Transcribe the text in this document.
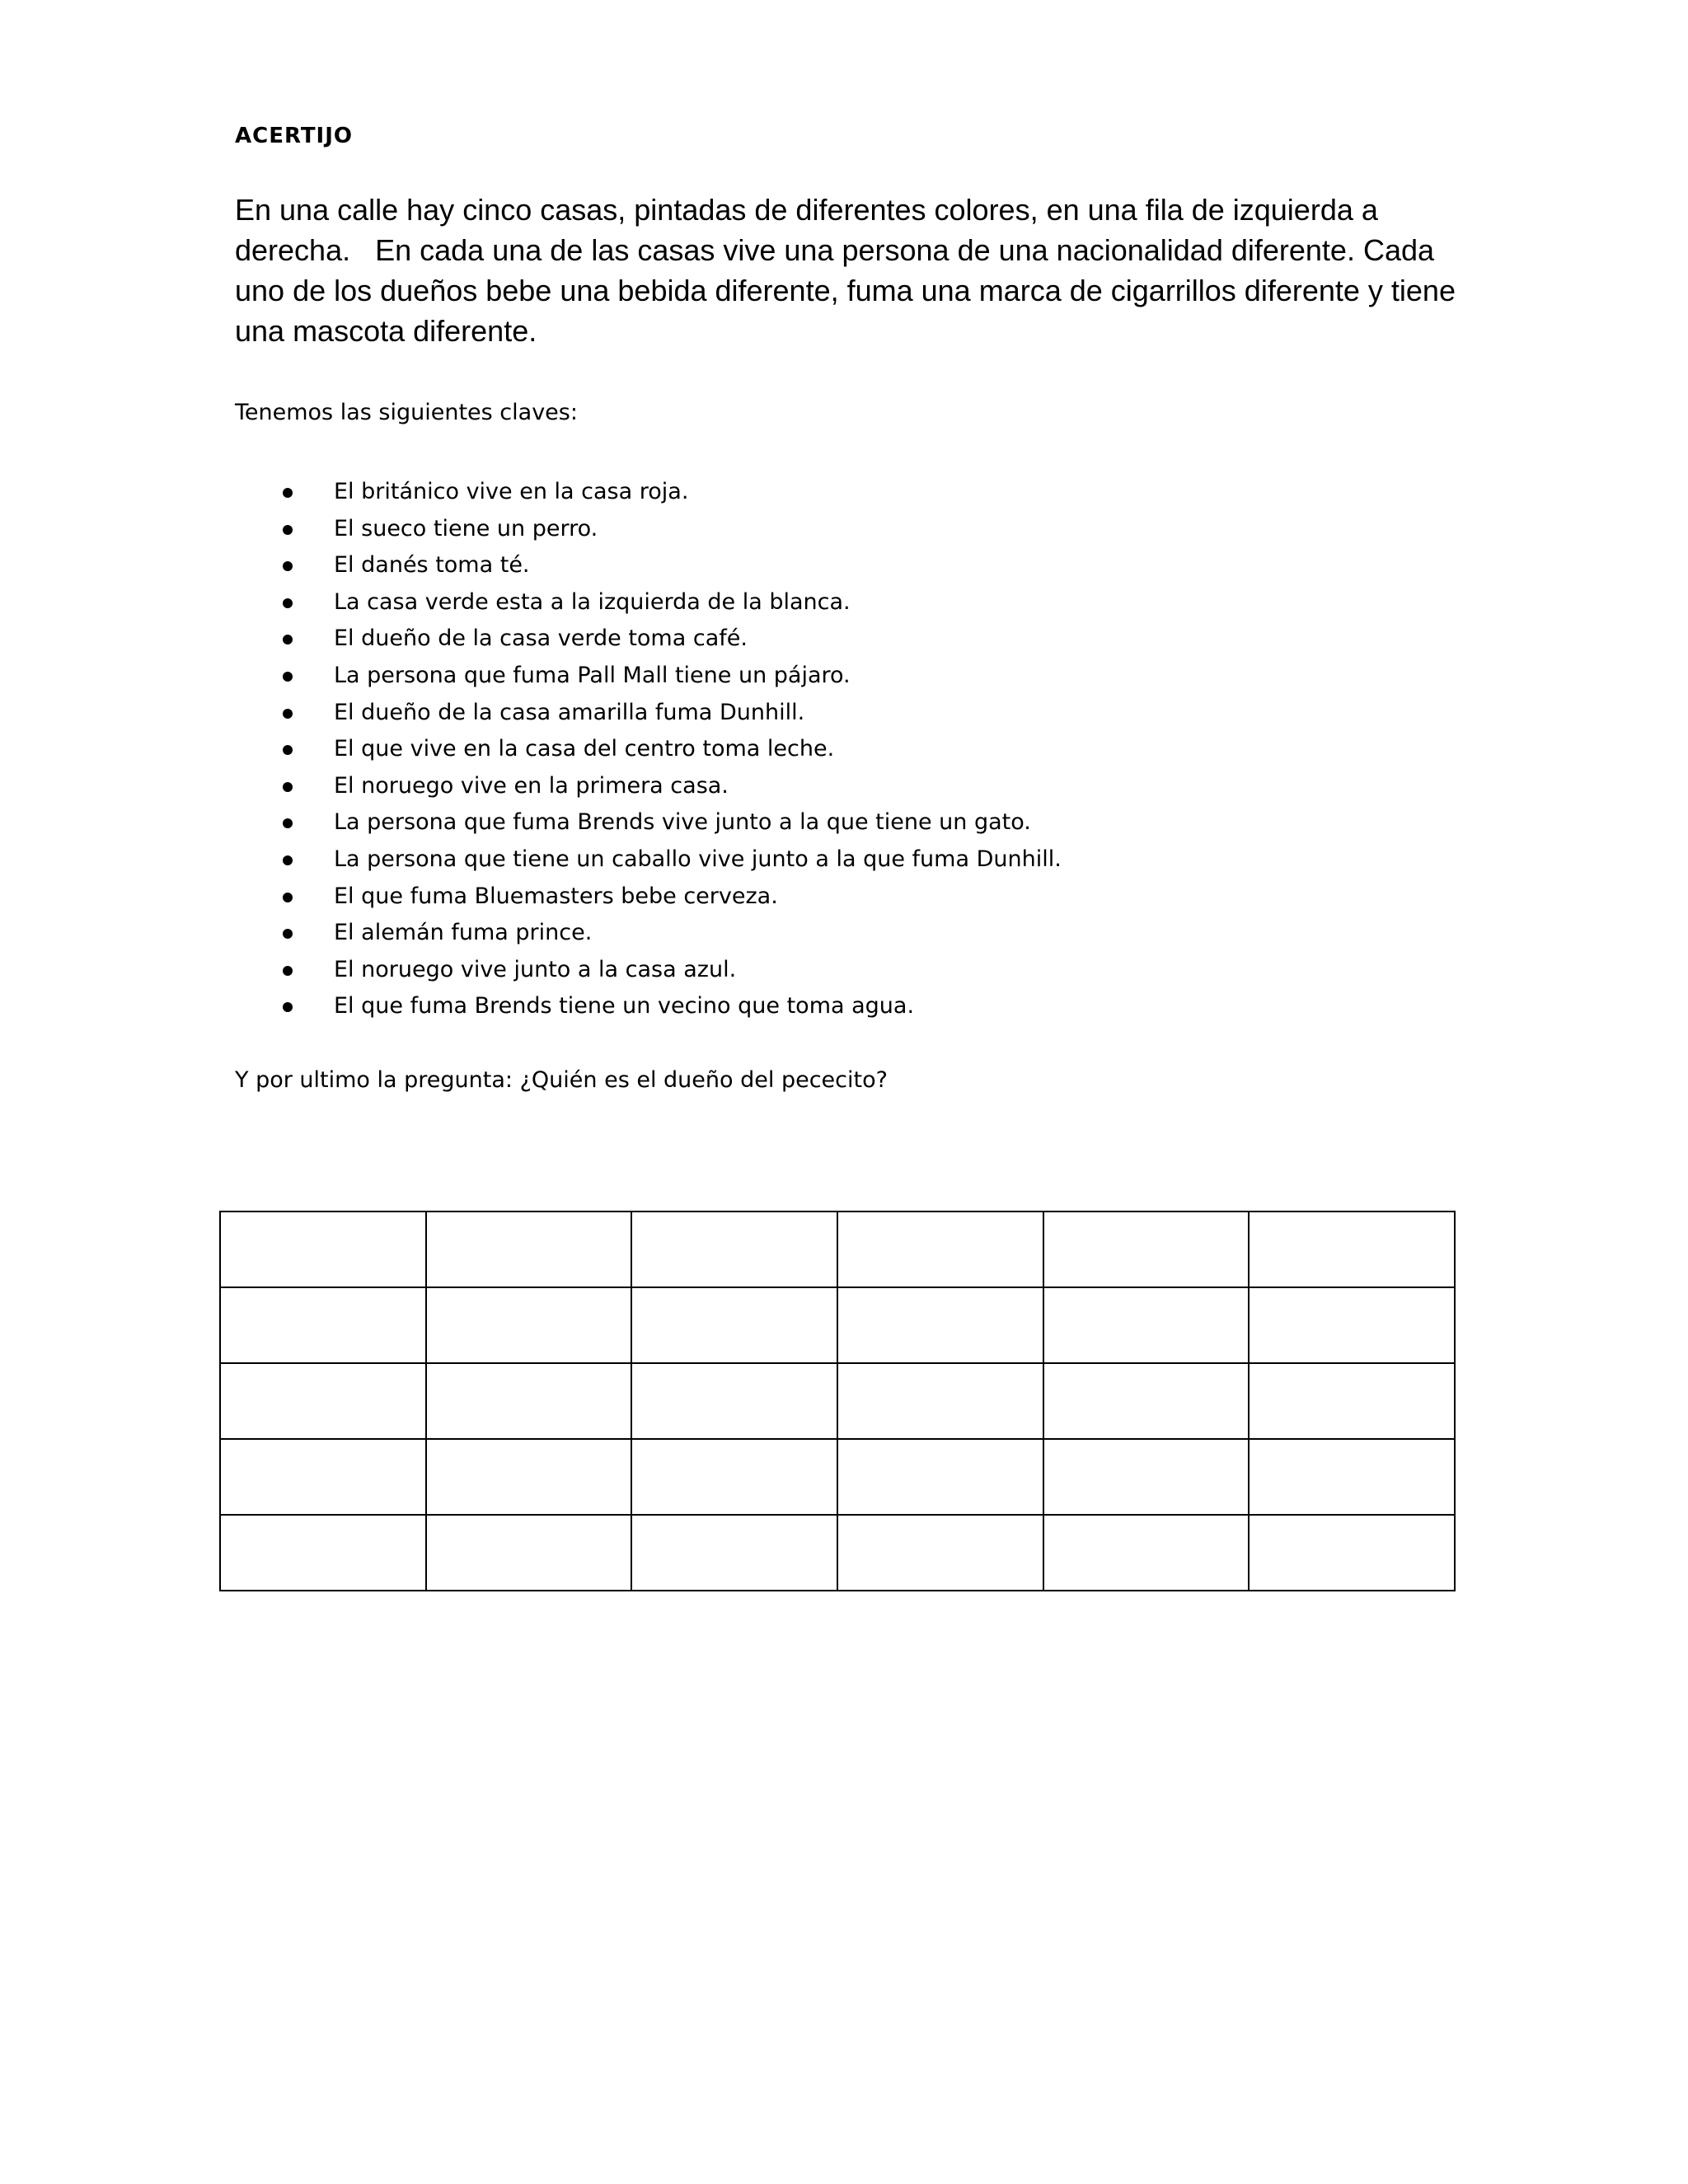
ACERTIJO

En una calle hay cinco casas, pintadas de diferentes colores, en una fila de izquierda a derecha.   En cada una de las casas vive una persona de una nacionalidad diferente. Cada uno de los dueños bebe una bebida diferente, fuma una marca de cigarrillos diferente y tiene una mascota diferente.

Tenemos las siguientes claves:

El británico vive en la casa roja.
El sueco tiene un perro.
El danés toma té.
La casa verde esta a la izquierda de la blanca.
El dueño de la casa verde toma café.
La persona que fuma Pall Mall tiene un pájaro.
El dueño de la casa amarilla fuma Dunhill.
El que vive en la casa del centro toma leche.
El noruego vive en la primera casa.
La persona que fuma Brends vive junto a la que tiene un gato.
La persona que tiene un caballo vive junto a la que fuma Dunhill.
El que fuma Bluemasters bebe cerveza.
El alemán fuma prince.
El noruego vive junto a la casa azul.
El que fuma Brends tiene un vecino que toma agua.

Y por ultimo la pregunta: ¿Quién es el dueño del pececito?
